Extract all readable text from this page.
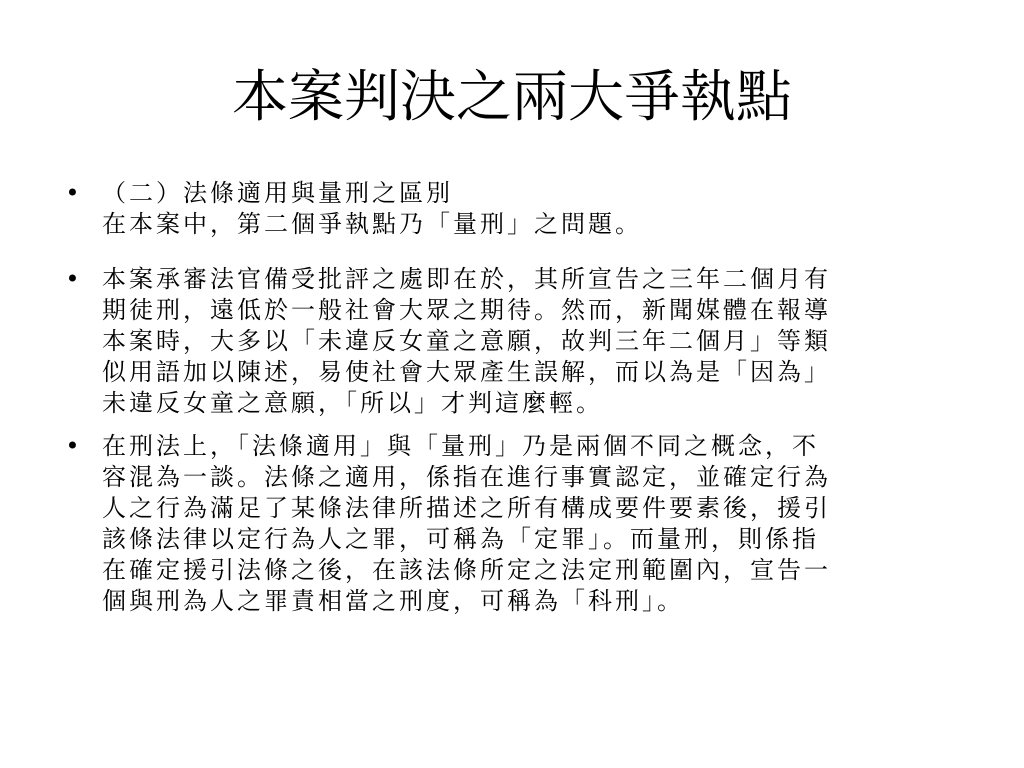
本案判決之兩大爭執點
• （二）法條適用與量刑之區別
在本案中，第二個爭執點乃「量刑」之問題。
• 本案承審法官備受批評之處即在於，其所宣告之三年二個月有
期徒刑，遠低於一般社會大眾之期待。然而，新聞媒體在報導
本案時，大多以「未違反女童之意願，故判三年二個月」等類
似用語加以陳述，易使社會大眾產生誤解，而以為是「因為」
未違反女童之意願，「所以」才判這麼輕。
• 在刑法上，「法條適用」與「量刑」乃是兩個不同之概念，不
容混為一談。法條之適用，係指在進行事實認定，並確定行為
人之行為滿足了某條法律所描述之所有構成要件要素後，援引
該條法律以定行為人之罪，可稱為「定罪」。而量刑，則係指
在確定援引法條之後，在該法條所定之法定刑範圍內，宣告一
個與刑為人之罪責相當之刑度，可稱為「科刑」。
